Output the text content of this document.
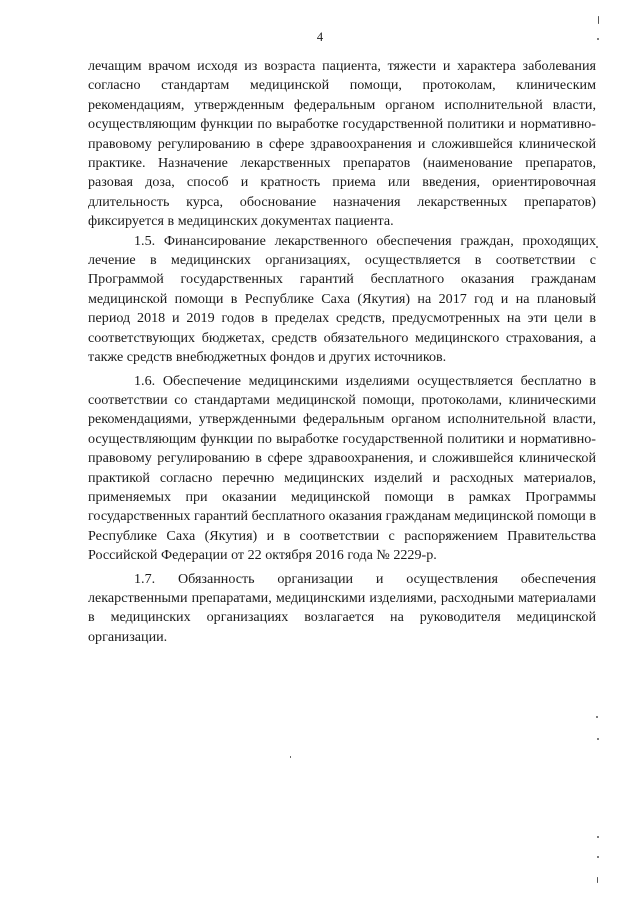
4

лечащим врачом исходя из возраста пациента, тяжести и характера заболевания согласно стандартам медицинской помощи, протоколам, клиническим рекомендациям, утвержденным федеральным органом исполнительной власти, осуществляющим функции по выработке государственной политики и нормативно-правовому регулированию в сфере здравоохранения и сложившейся клинической практике. Назначение лекарственных препаратов (наименование препаратов, разовая доза, способ и кратность приема или введения, ориентировочная длительность курса, обоснование назначения лекарственных препаратов) фиксируется в медицинских документах пациента.

1.5. Финансирование лекарственного обеспечения граждан, проходящих лечение в медицинских организациях, осуществляется в соответствии с Программой государственных гарантий бесплатного оказания гражданам медицинской помощи в Республике Саха (Якутия) на 2017 год и на плановый период 2018 и 2019 годов в пределах средств, предусмотренных на эти цели в соответствующих бюджетах, средств обязательного медицинского страхования, а также средств внебюджетных фондов и других источников.

1.6. Обеспечение медицинскими изделиями осуществляется бесплатно в соответствии со стандартами медицинской помощи, протоколами, клиническими рекомендациями, утвержденными федеральным органом исполнительной власти, осуществляющим функции по выработке государственной политики и нормативно-правовому регулированию в сфере здравоохранения, и сложившейся клинической практикой согласно перечню медицинских изделий и расходных материалов, применяемых при оказании медицинской помощи в рамках Программы государственных гарантий бесплатного оказания гражданам медицинской помощи в Республике Саха (Якутия) и в соответствии с распоряжением Правительства Российской Федерации от 22 октября 2016 года № 2229-р.

1.7. Обязанность организации и осуществления обеспечения лекарственными препаратами, медицинскими изделиями, расходными материалами в медицинских организациях возлагается на руководителя медицинской организации.
